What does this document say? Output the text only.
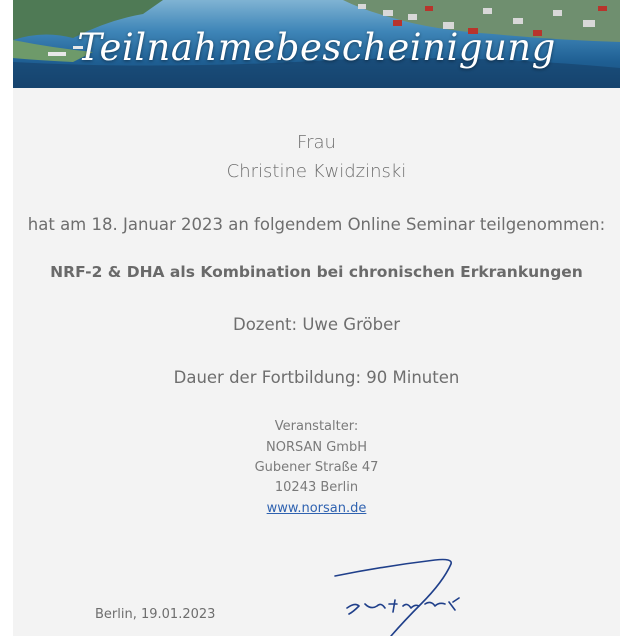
Teilnahmebescheinigung
Frau
Christine Kwidzinski
hat am 18. Januar 2023 an folgendem Online Seminar teilgenommen:
NRF-2 & DHA als Kombination bei chronischen Erkrankungen
Dozent: Uwe Gröber
Dauer der Fortbildung: 90 Minuten
Veranstalter:
NORSAN GmbH
Gubener Straße 47
10243 Berlin
www.norsan.de
Berlin, 19.01.2023
